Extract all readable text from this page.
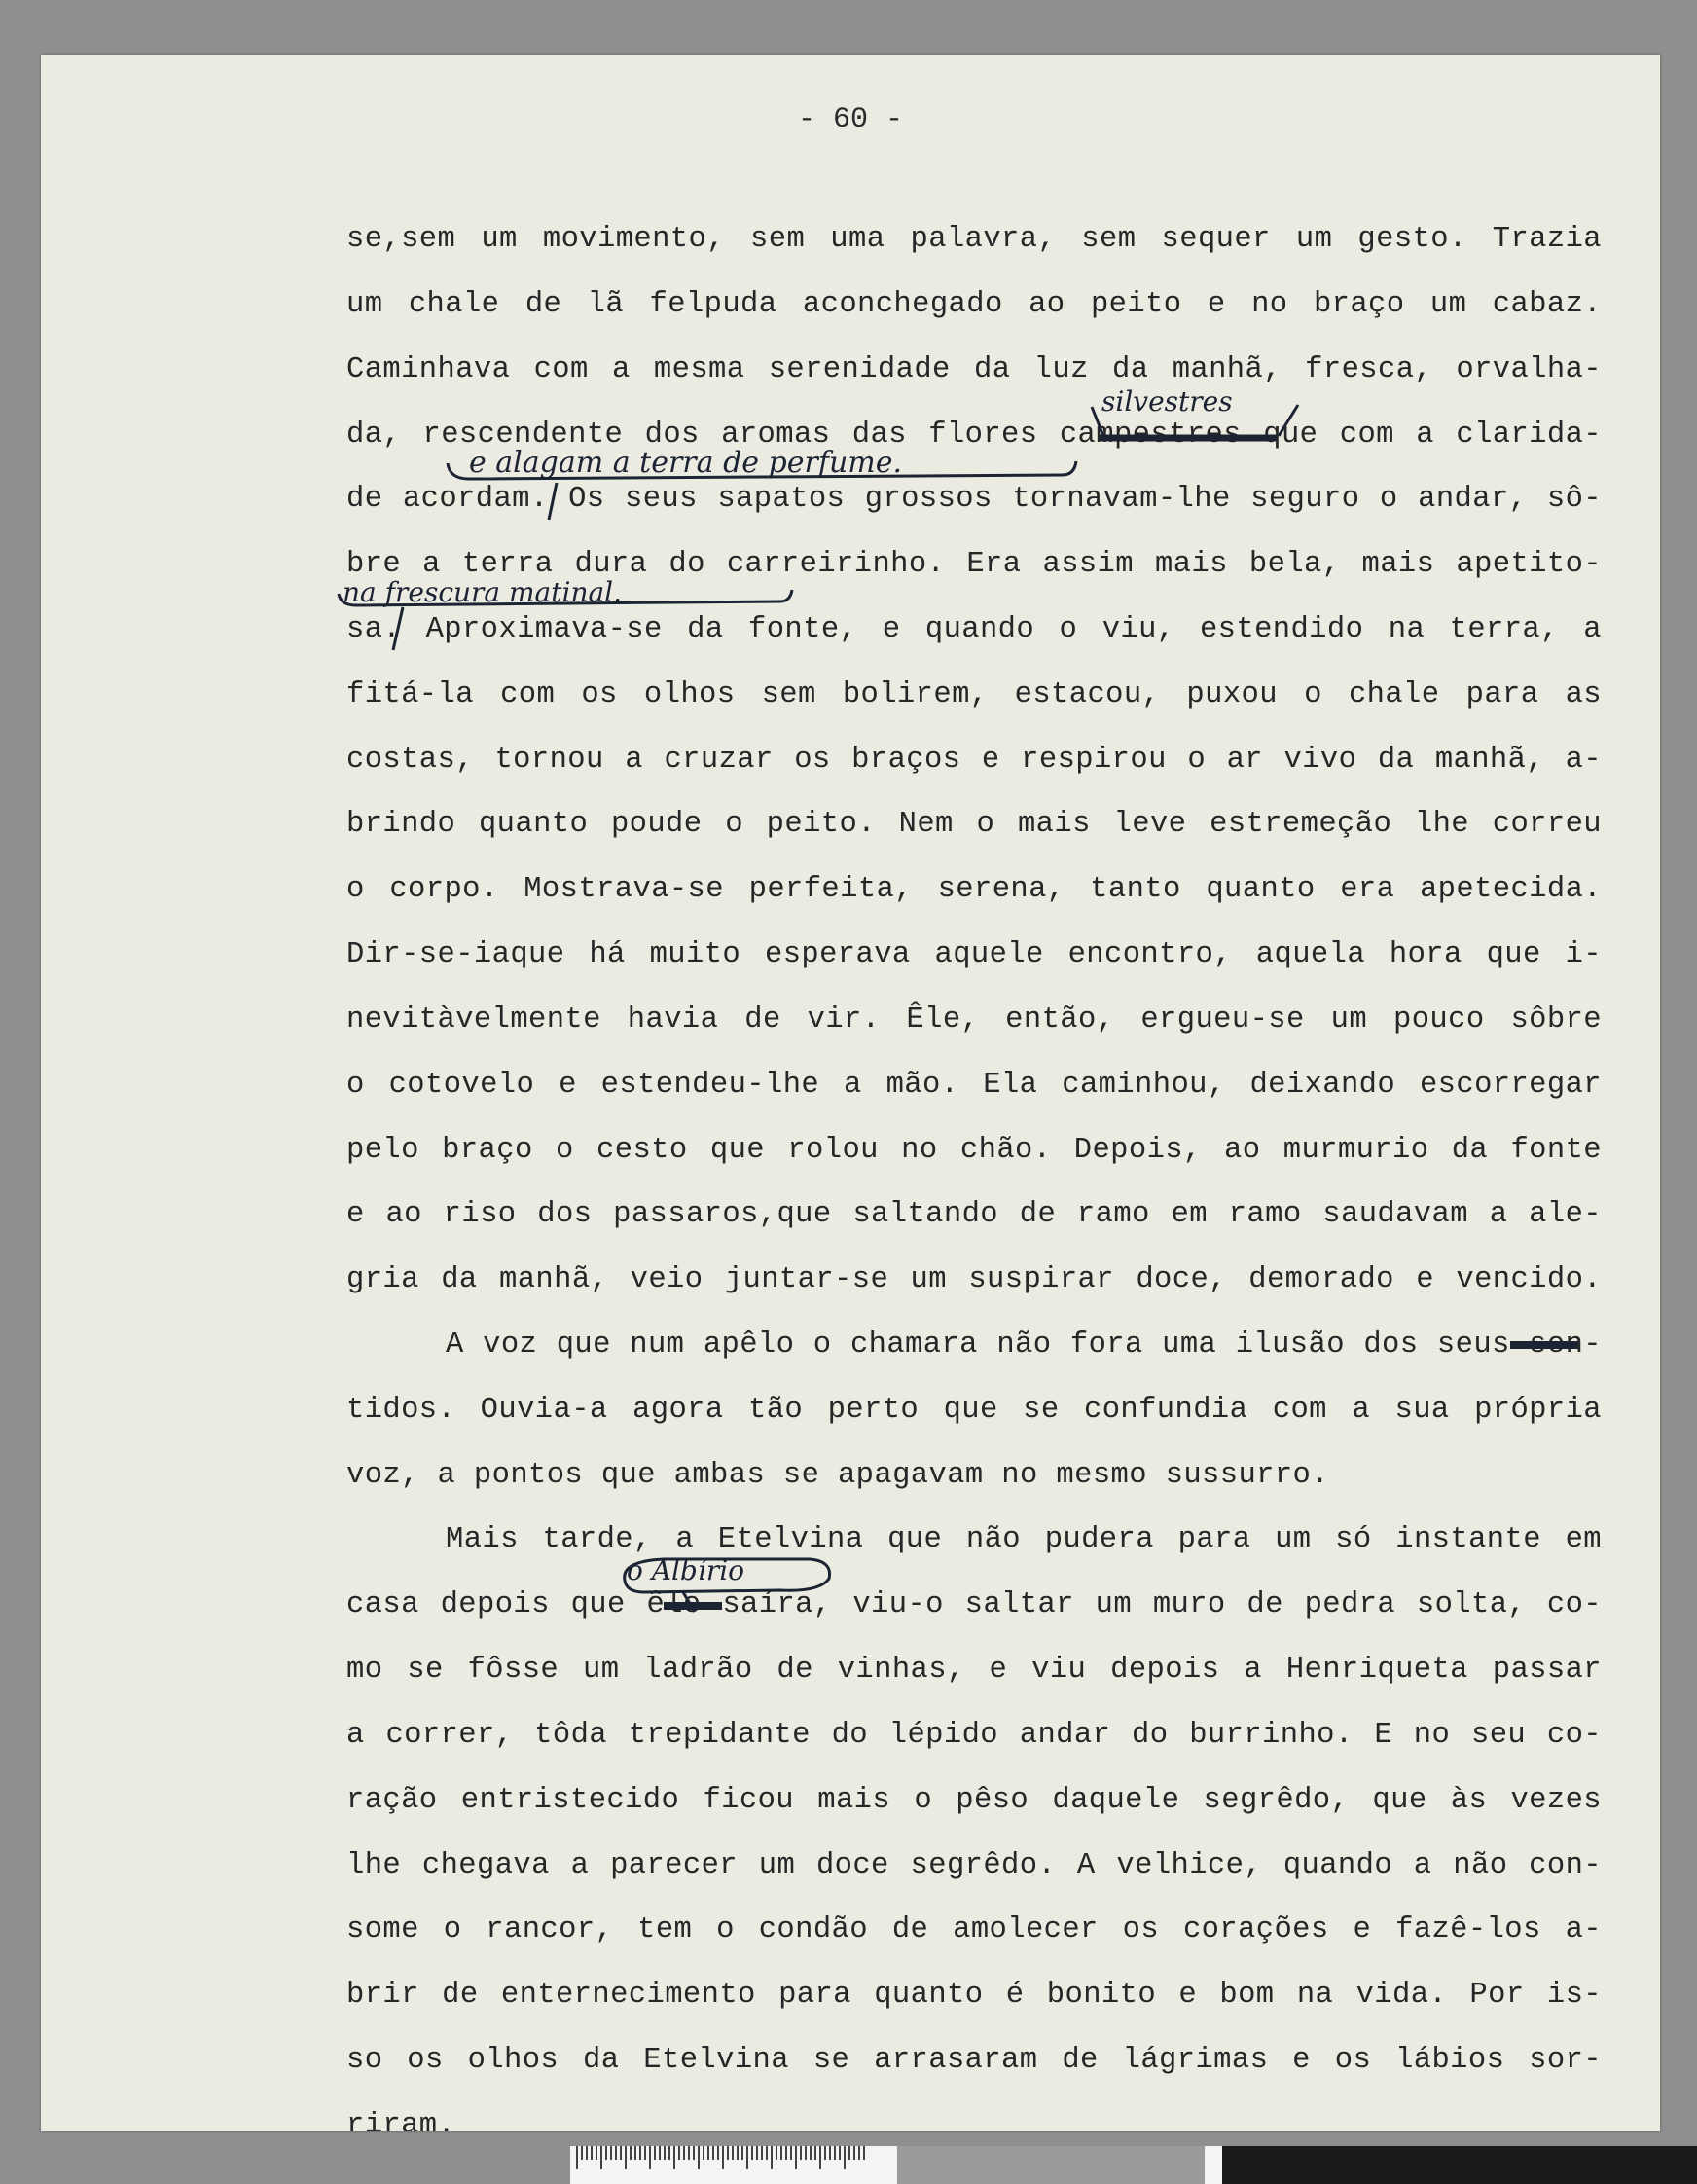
- 60 -
se,sem um movimento, sem uma palavra, sem sequer um gesto. Trazia
um chale de lã felpuda aconchegado ao peito e no braço um cabaz.
Caminhava com a mesma serenidade da luz da manhã, fresca, orvalha-
da, rescendente dos aromas das flores campestres que com a clarida-
de acordam. Os seus sapatos grossos tornavam-lhe seguro o andar, sô-
bre a terra dura do carreirinho. Era assim mais bela, mais apetito-
sa. Aproximava-se da fonte, e quando o viu, estendido na terra, a
fitá-la com os olhos sem bolirem, estacou, puxou o chale para as
costas, tornou a cruzar os braços e respirou o ar vivo da manhã, a-
brindo quanto poude o peito. Nem o mais leve estremeção lhe correu
o corpo. Mostrava-se perfeita, serena, tanto quanto era apetecida.
Dir-se-iaque há muito esperava aquele encontro, aquela hora que i-
nevitàvelmente havia de vir. Êle, então, ergueu-se um pouco sôbre
o cotovelo e estendeu-lhe a mão. Ela caminhou, deixando escorregar
pelo braço o cesto que rolou no chão. Depois, ao murmurio da fonte
e ao riso dos passaros,que saltando de ramo em ramo saudavam a ale-
gria da manhã, veio juntar-se um suspirar doce, demorado e vencido.
A voz que num apêlo o chamara não fora uma ilusão dos seus sen-
tidos. Ouvia-a agora tão perto que se confundia com a sua própria
voz, a pontos que ambas se apagavam no mesmo sussurro.
Mais tarde, a Etelvina que não pudera para um só instante em
casa depois que êle saíra, viu-o saltar um muro de pedra solta, co-
mo se fôsse um ladrão de vinhas, e viu depois a Henriqueta passar
a correr, tôda trepidante do lépido andar do burrinho. E no seu co-
ração entristecido ficou mais o pêso daquele segrêdo, que às vezes
lhe chegava a parecer um doce segrêdo. A velhice, quando a não con-
some o rancor, tem o condão de amolecer os corações e fazê-los a-
brir de enternecimento para quanto é bonito e bom na vida. Por is-
so os olhos da Etelvina se arrasaram de lágrimas e os lábios sor-
riram.
silvestres
e alagam a terra de perfume.
na frescura matinal.
o Albírio
